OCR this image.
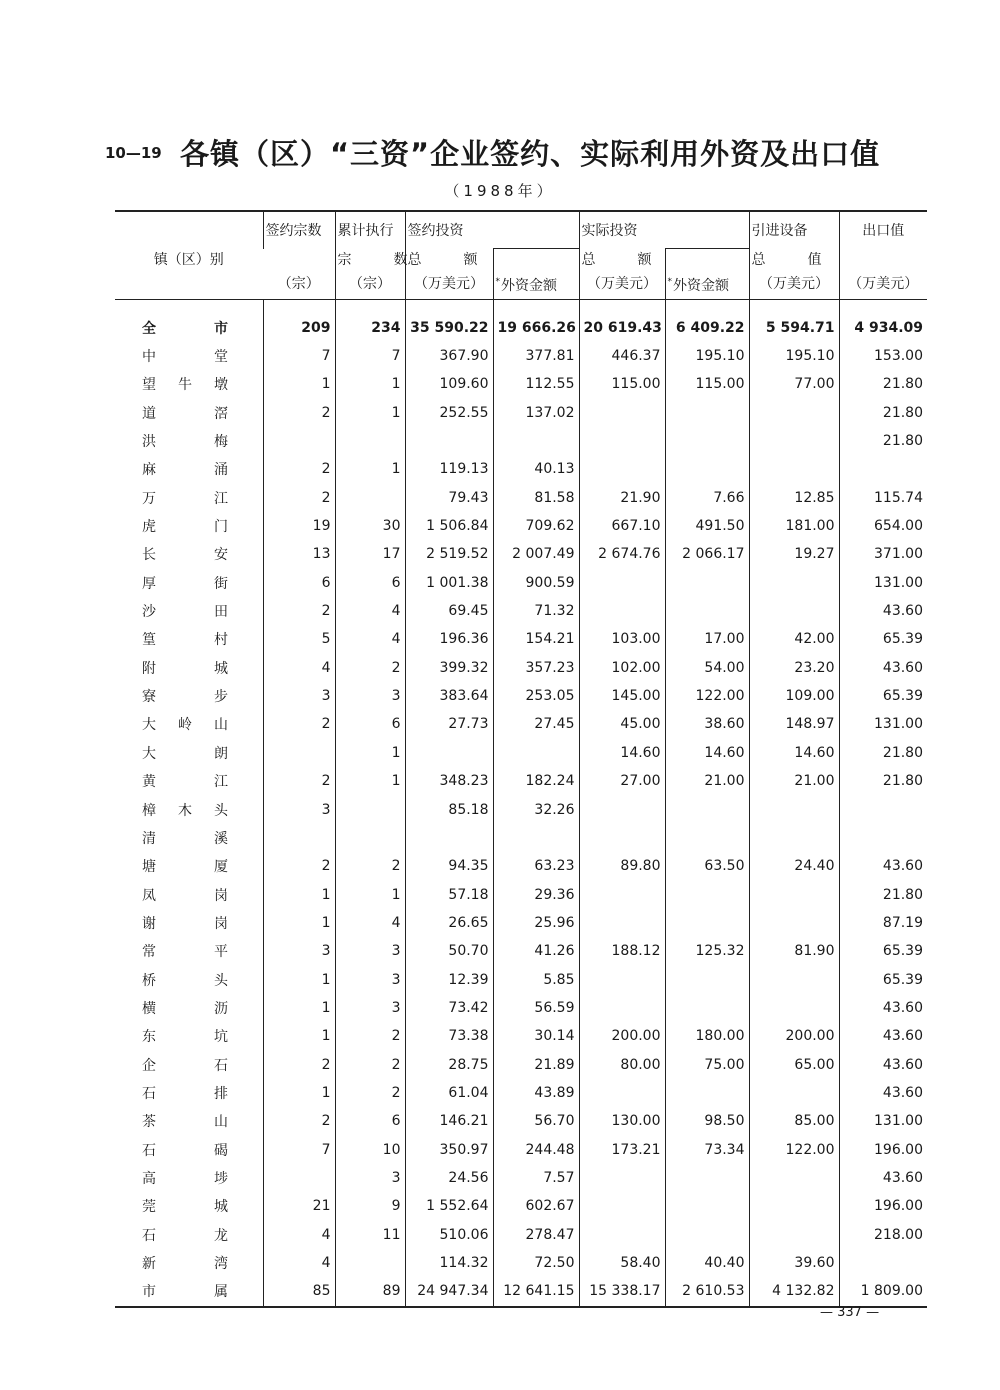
10—19 各镇（区）“三资”企业签约、实际利用外资及出口值
（1988年）
镇（区）别	签约宗数	累计执行	签约投资		实际投资		引进设备	出口值

		宗 数	总 额	*外资金额	总 额	*外资金额	总 值	

	（宗）	（宗）	（万美元）		（万美元）		（万美元）	（万美元）

全 市	209	234	35 590.22	19 666.26	20 619.43	6 409.22	5 594.71	4 934.09

中 堂	7	7	367.90	377.81	446.37	195.10	195.10	153.00

望 牛 墩	1	1	109.60	112.55	115.00	115.00	77.00	21.80

道 滘	2	1	252.55	137.02				21.80

洪 梅								21.80

麻 涌	2	1	119.13	40.13				

万 江	2		79.43	81.58	21.90	7.66	12.85	115.74

虎 门	19	30	1 506.84	709.62	667.10	491.50	181.00	654.00

长 安	13	17	2 519.52	2 007.49	2 674.76	2 066.17	19.27	371.00

厚 街	6	6	1 001.38	900.59				131.00

沙 田	2	4	69.45	71.32				43.60

篁 村	5	4	196.36	154.21	103.00	17.00	42.00	65.39

附 城	4	2	399.32	357.23	102.00	54.00	23.20	43.60

寮 步	3	3	383.64	253.05	145.00	122.00	109.00	65.39

大 岭 山	2	6	27.73	27.45	45.00	38.60	148.97	131.00

大 朗		1			14.60	14.60	14.60	21.80

黄 江	2	1	348.23	182.24	27.00	21.00	21.00	21.80

樟 木 头	3		85.18	32.26				

清 溪								

塘 厦	2	2	94.35	63.23	89.80	63.50	24.40	43.60

凤 岗	1	1	57.18	29.36				21.80

谢 岗	1	4	26.65	25.96				87.19

常 平	3	3	50.70	41.26	188.12	125.32	81.90	65.39

桥 头	1	3	12.39	5.85				65.39

横 沥	1	3	73.42	56.59				43.60

东 坑	1	2	73.38	30.14	200.00	180.00	200.00	43.60

企 石	2	2	28.75	21.89	80.00	75.00	65.00	43.60

石 排	1	2	61.04	43.89				43.60

茶 山	2	6	146.21	56.70	130.00	98.50	85.00	131.00

石 碣	7	10	350.97	244.48	173.21	73.34	122.00	196.00

高 埗		3	24.56	7.57				43.60

莞 城	21	9	1 552.64	602.67				196.00

石 龙	4	11	510.06	278.47				218.00

新 湾	4		114.32	72.50	58.40	40.40	39.60	

市 属	85	89	24 947.34	12 641.15	15 338.17	2 610.53	4 132.82	1 809.00
— 337 —
